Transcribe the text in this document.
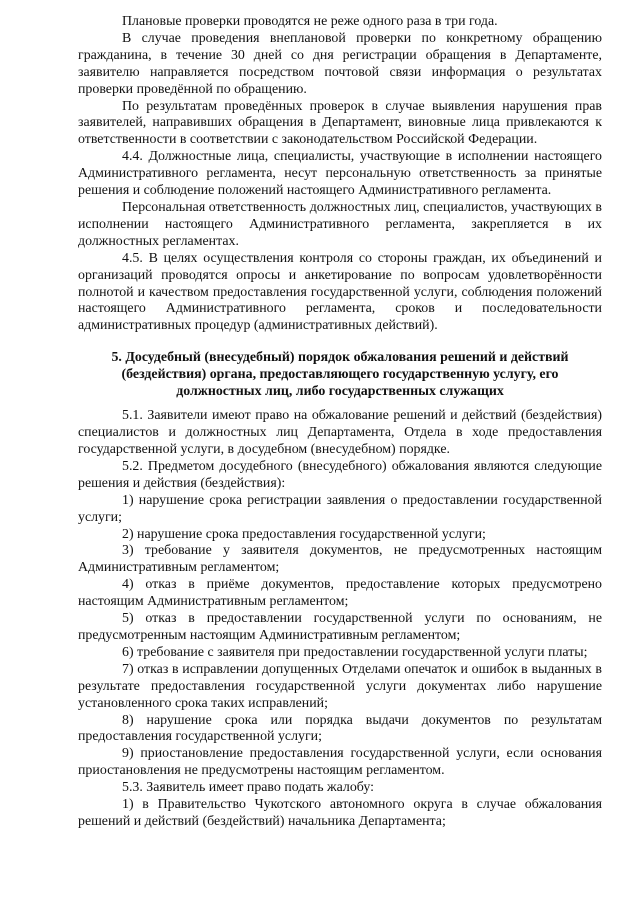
Плановые проверки проводятся не реже одного раза в три года.

В случае проведения внеплановой проверки по конкретному обращению гражданина, в течение 30 дней со дня регистрации обращения в Департаменте, заявителю направляется посредством почтовой связи информация о результатах проверки проведённой по обращению.

По результатам проведённых проверок в случае выявления нарушения прав заявителей, направивших обращения в Департамент, виновные лица привлекаются к ответственности в соответствии с законодательством Российской Федерации.

4.4. Должностные лица, специалисты, участвующие в исполнении настоящего Административного регламента, несут персональную ответственность за принятые решения и соблюдение положений настоящего Административного регламента.

Персональная ответственность должностных лиц, специалистов, участвующих в исполнении настоящего Административного регламента, закрепляется в их должностных регламентах.

4.5. В целях осуществления контроля со стороны граждан, их объединений и организаций проводятся опросы и анкетирование по вопросам удовлетворённости полнотой и качеством предоставления государственной услуги, соблюдения положений настоящего Административного регламента, сроков и последовательности административных процедур (административных действий).

5. Досудебный (внесудебный) порядок обжалования решений и действий
(бездействия) органа, предоставляющего государственную услугу, его
должностных лиц, либо государственных служащих

5.1. Заявители имеют право на обжалование решений и действий (бездействия) специалистов и должностных лиц Департамента, Отдела в ходе предоставления государственной услуги, в досудебном (внесудебном) порядке.

5.2. Предметом досудебного (внесудебного) обжалования являются следующие решения и действия (бездействия):

1) нарушение срока регистрации заявления о предоставлении государственной услуги;

2) нарушение срока предоставления государственной услуги;

3) требование у заявителя документов, не предусмотренных настоящим Административным регламентом;

4) отказ в приёме документов, предоставление которых предусмотрено настоящим Административным регламентом;

5) отказ в предоставлении государственной услуги по основаниям, не предусмотренным настоящим Административным регламентом;

6) требование с заявителя при предоставлении государственной услуги платы;

7) отказ в исправлении допущенных Отделами опечаток и ошибок в выданных в результате предоставления государственной услуги документах либо нарушение установленного срока таких исправлений;

8) нарушение срока или порядка выдачи документов по результатам предоставления государственной услуги;

9) приостановление предоставления государственной услуги, если основания приостановления не предусмотрены настоящим регламентом.

5.3. Заявитель имеет право подать жалобу:

1) в Правительство Чукотского автономного округа в случае обжалования решений и действий (бездействий) начальника Департамента;
